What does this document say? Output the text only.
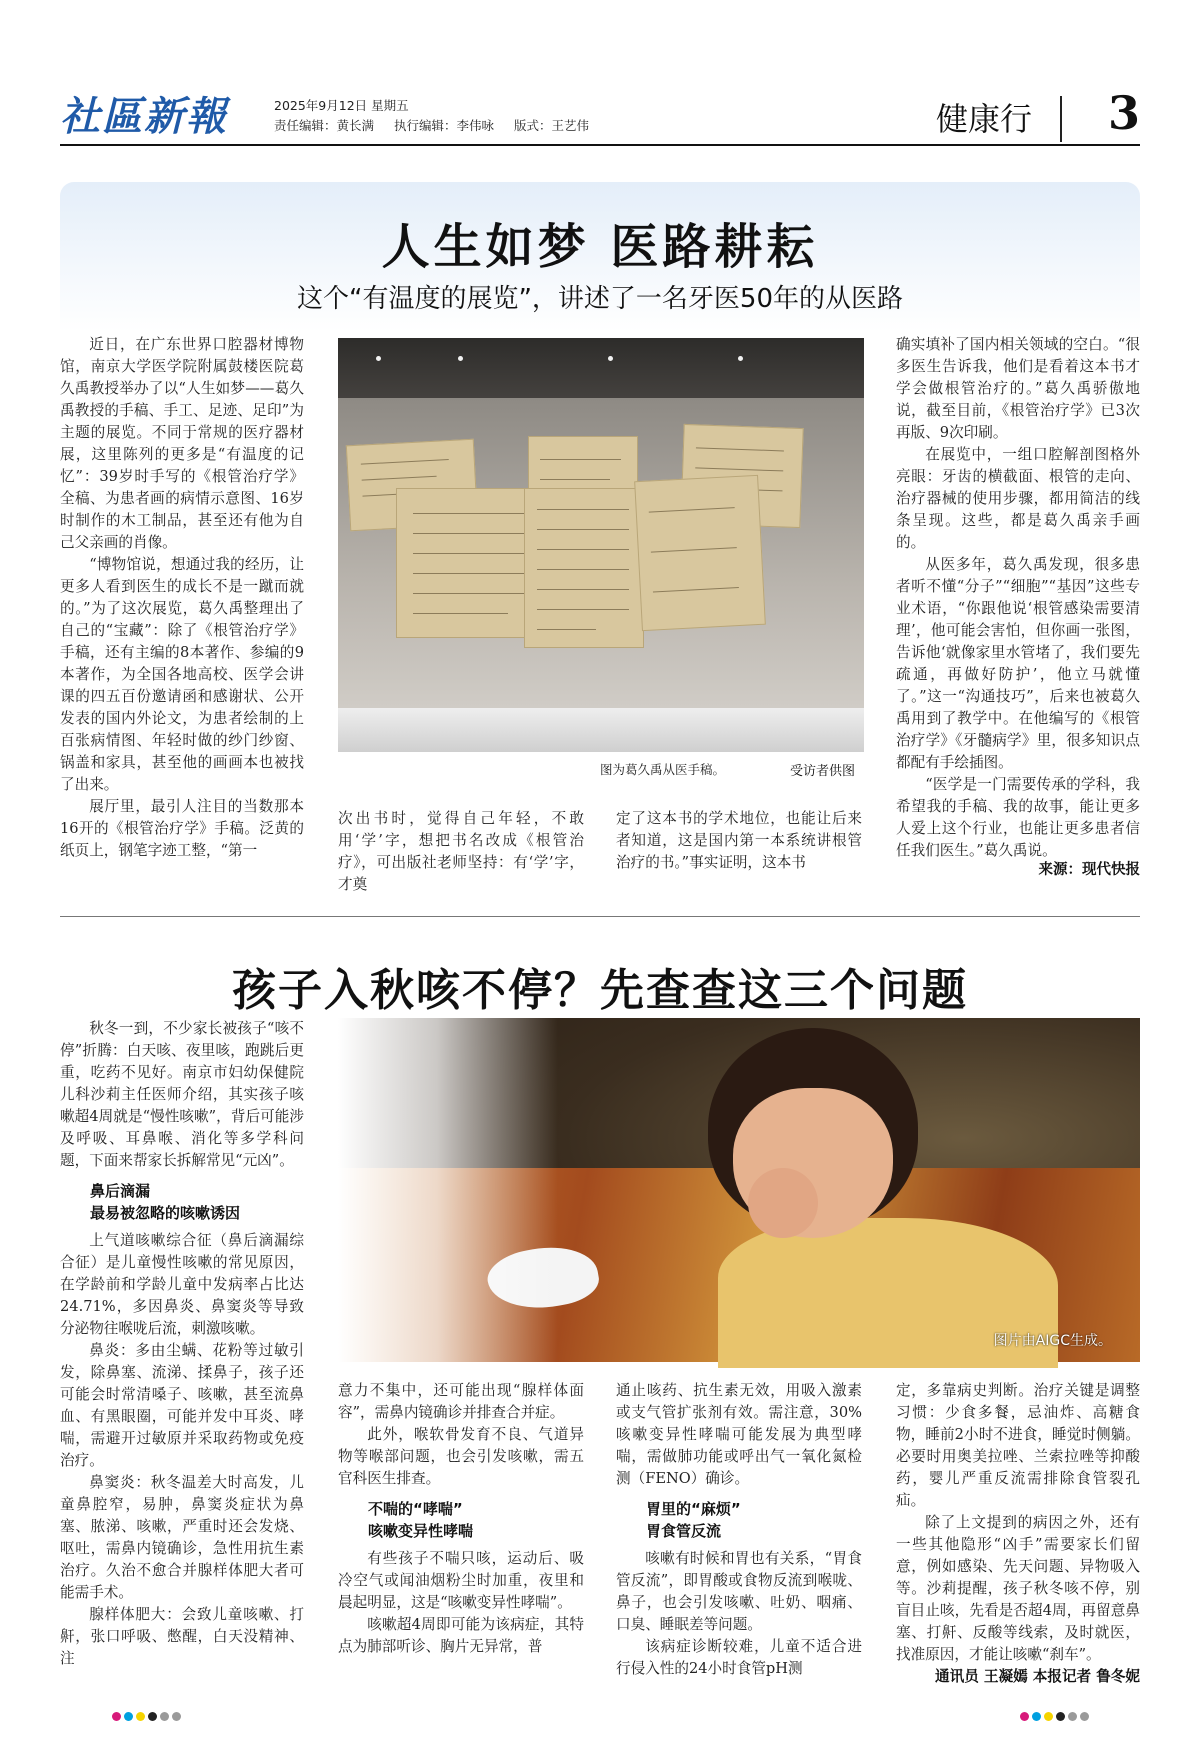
社區新報	2025年9月12日 星期五
责任编辑：黄长满 执行编辑：李伟咏 版式：王艺伟	健康行 3
人生如梦 医路耕耘
这个“有温度的展览”，讲述了一名牙医50年的从医路

近日，在广东世界口腔器材博物馆，南京大学医学院附属鼓楼医院葛久禹教授举办了以“人生如梦——葛久禹教授的手稿、手工、足迹、足印”为主题的展览。不同于常规的医疗器材展，这里陈列的更多是“有温度的记忆”：39岁时手写的《根管治疗学》全稿、为患者画的病情示意图、16岁时制作的木工制品，甚至还有他为自己父亲画的肖像。

“博物馆说，想通过我的经历，让更多人看到医生的成长不是一蹴而就的。”为了这次展览，葛久禹整理出了自己的“宝藏”：除了《根管治疗学》手稿，还有主编的8本著作、参编的9本著作，为全国各地高校、医学会讲课的四五百份邀请函和感谢状、公开发表的国内外论文，为患者绘制的上百张病情图、年轻时做的纱门纱窗、锅盖和家具，甚至他的画画本也被找了出来。

展厅里，最引人注目的当数那本16开的《根管治疗学》手稿。泛黄的纸页上，钢笔字迹工整，“第一

图为葛久禹从医手稿。	受访者供图

次出书时，觉得自己年轻，不敢用‘学’字，想把书名改成《根管治疗》，可出版社老师坚持：有‘学’字，才奠

定了这本书的学术地位，也能让后来者知道，这是国内第一本系统讲根管治疗的书。”事实证明，这本书

确实填补了国内相关领域的空白。“很多医生告诉我，他们是看着这本书才学会做根管治疗的。”葛久禹骄傲地说，截至目前，《根管治疗学》已3次再版、9次印刷。

在展览中，一组口腔解剖图格外亮眼：牙齿的横截面、根管的走向、治疗器械的使用步骤，都用简洁的线条呈现。这些，都是葛久禹亲手画的。

从医多年，葛久禹发现，很多患者听不懂“分子”“细胞”“基因”这些专业术语，“你跟他说‘根管感染需要清理’，他可能会害怕，但你画一张图，告诉他‘就像家里水管堵了，我们要先疏通，再做好防护’，他立马就懂了。”这一“沟通技巧”，后来也被葛久禹用到了教学中。在他编写的《根管治疗学》《牙髓病学》里，很多知识点都配有手绘插图。

“医学是一门需要传承的学科，我希望我的手稿、我的故事，能让更多人爱上这个行业，也能让更多患者信任我们医生。”葛久禹说。

来源：现代快报
孩子入秋咳不停？先查查这三个问题

秋冬一到，不少家长被孩子“咳不停”折腾：白天咳、夜里咳，跑跳后更重，吃药不见好。南京市妇幼保健院儿科沙莉主任医师介绍，其实孩子咳嗽超4周就是“慢性咳嗽”，背后可能涉及呼吸、耳鼻喉、消化等多学科问题，下面来帮家长拆解常见“元凶”。

鼻后滴漏
最易被忽略的咳嗽诱因

上气道咳嗽综合征（鼻后滴漏综合征）是儿童慢性咳嗽的常见原因，在学龄前和学龄儿童中发病率占比达24.71%，多因鼻炎、鼻窦炎等导致分泌物往喉咙后流，刺激咳嗽。

鼻炎：多由尘螨、花粉等过敏引发，除鼻塞、流涕、揉鼻子，孩子还可能会时常清嗓子、咳嗽，甚至流鼻血、有黑眼圈，可能并发中耳炎、哮喘，需避开过敏原并采取药物或免疫治疗。

鼻窦炎：秋冬温差大时高发，儿童鼻腔窄，易肿，鼻窦炎症状为鼻塞、脓涕、咳嗽，严重时还会发烧、呕吐，需鼻内镜确诊，急性用抗生素治疗。久治不愈合并腺样体肥大者可能需手术。

腺样体肥大：会致儿童咳嗽、打鼾，张口呼吸、憋醒，白天没精神、注

图片由AIGC生成。

意力不集中，还可能出现“腺样体面容”，需鼻内镜确诊并排查合并症。

此外，喉软骨发育不良、气道异物等喉部问题，也会引发咳嗽，需五官科医生排查。

不喘的“哮喘”
咳嗽变异性哮喘

有些孩子不喘只咳，运动后、吸冷空气或闻油烟粉尘时加重，夜里和晨起明显，这是“咳嗽变异性哮喘”。

咳嗽超4周即可能为该病症，其特点为肺部听诊、胸片无异常，普

通止咳药、抗生素无效，用吸入激素或支气管扩张剂有效。需注意，30%咳嗽变异性哮喘可能发展为典型哮喘，需做肺功能或呼出气一氧化氮检测（FENO）确诊。

胃里的“麻烦”
胃食管反流

咳嗽有时候和胃也有关系，“胃食管反流”，即胃酸或食物反流到喉咙、鼻子，也会引发咳嗽、吐奶、咽痛、口臭、睡眠差等问题。

该病症诊断较难，儿童不适合进行侵入性的24小时食管pH测

定，多靠病史判断。治疗关键是调整习惯：少食多餐，忌油炸、高糖食物，睡前2小时不进食，睡觉时侧躺。必要时用奥美拉唑、兰索拉唑等抑酸药，婴儿严重反流需排除食管裂孔疝。

除了上文提到的病因之外，还有一些其他隐形“凶手”需要家长们留意，例如感染、先天问题、异物吸入等。沙莉提醒，孩子秋冬咳不停，别盲目止咳，先看是否超4周，再留意鼻塞、打鼾、反酸等线索，及时就医，找准原因，才能让咳嗽“刹车”。

通讯员 王凝嫣 本报记者 鲁冬妮
